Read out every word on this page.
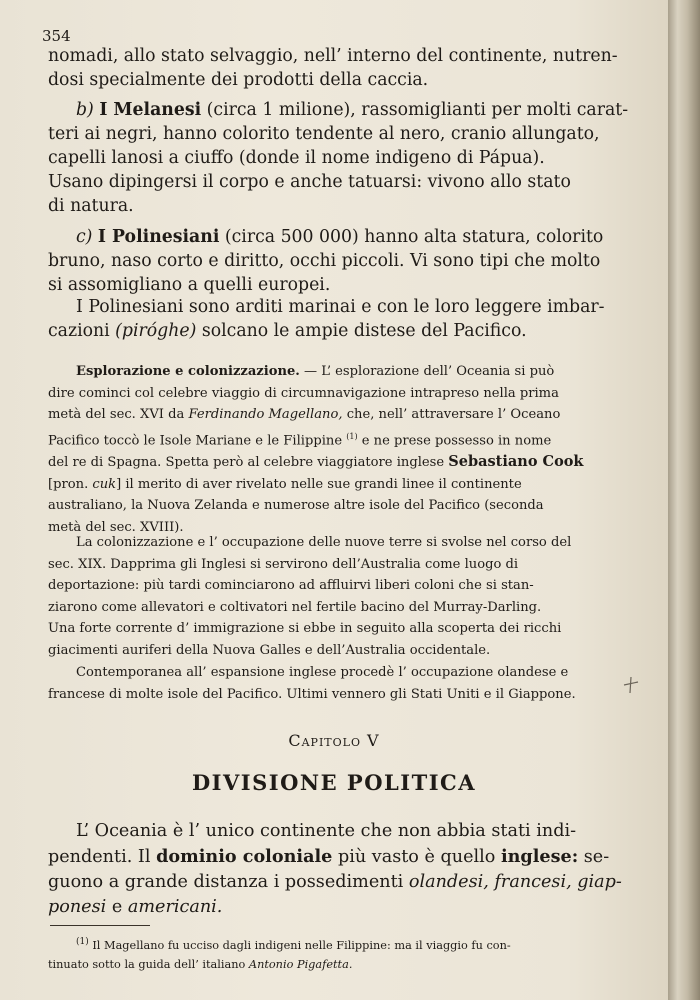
354
nomadi, allo stato selvaggio, nell’ interno del continente, nutren-
dosi specialmente dei prodotti della caccia.
b) I Melanesi (circa 1 milione), rassomiglianti per molti carat-
teri ai negri, hanno colorito tendente al nero, cranio allungato,
capelli lanosi a ciuffo (donde il nome indigeno di Pápua).
Usano dipingersi il corpo e anche tatuarsi: vivono allo stato
di natura.
c) I Polinesiani (circa 500 000) hanno alta statura, colorito
bruno, naso corto e diritto, occhi piccoli. Vi sono tipi che molto
si assomigliano a quelli europei.
I Polinesiani sono arditi marinai e con le loro leggere imbar-
cazioni (piróghe) solcano le ampie distese del Pacifico.
Esplorazione e colonizzazione. — L’ esplorazione dell’ Oceania si può
dire cominci col celebre viaggio di circumnavigazione intrapreso nella prima
metà del sec. XVI da Ferdinando Magellano, che, nell’ attraversare l’ Oceano
Pacifico toccò le Isole Mariane e le Filippine $^{(1)}$ e ne prese possesso in nome
del re di Spagna. Spetta però al celebre viaggiatore inglese Sebastiano Cook
[pron. cuk] il merito di aver rivelato nelle sue grandi linee il continente
australiano, la Nuova Zelanda e numerose altre isole del Pacifico (seconda
metà del sec. XVIII).
La colonizzazione e l’ occupazione delle nuove terre si svolse nel corso del
sec. XIX. Dapprima gli Inglesi si servirono dell’Australia come luogo di
deportazione: più tardi cominciarono ad affluirvi liberi coloni che si stan-
ziarono come allevatori e coltivatori nel fertile bacino del Murray-Darling.
Una forte corrente d’ immigrazione si ebbe in seguito alla scoperta dei ricchi
giacimenti auriferi della Nuova Galles e dell’Australia occidentale.
Contemporanea all’ espansione inglese procedè l’ occupazione olandese e
francese di molte isole del Pacifico. Ultimi vennero gli Stati Uniti e il Giappone.
Capitolo V
DIVISIONE POLITICA
L’ Oceania è l’ unico continente che non abbia stati indi-
pendenti. Il dominio coloniale più vasto è quello inglese: se-
guono a grande distanza i possedimenti olandesi, francesi, giap-
ponesi e americani.
$^{(1)}$ Il Magellano fu ucciso dagli indigeni nelle Filippine: ma il viaggio fu con-
tinuato sotto la guida dell’ italiano Antonio Pigafetta.
